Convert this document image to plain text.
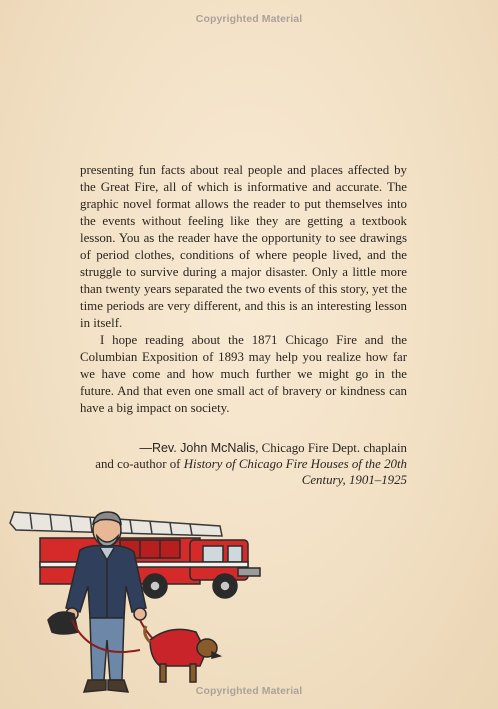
Copyrighted Material

presenting fun facts about real people and places affected by the Great Fire, all of which is informative and accurate. The graphic novel format allows the reader to put themselves into the events without feeling like they are getting a textbook lesson. You as the reader have the opportunity to see drawings of period clothes, conditions of where people lived, and the struggle to survive during a major disaster. Only a little more than twenty years separated the two events of this story, yet the time periods are very different, and this is an interesting lesson in itself.

I hope reading about the 1871 Chicago Fire and the Columbian Exposition of 1893 may help you realize how far we have come and how much further we might go in the future. And that even one small act of bravery or kindness can have a big impact on society.

—Rev. John McNalis, Chicago Fire Dept. chaplain
and co-author of History of Chicago Fire Houses of the 20th Century, 1901–1925
Copyrighted Material
